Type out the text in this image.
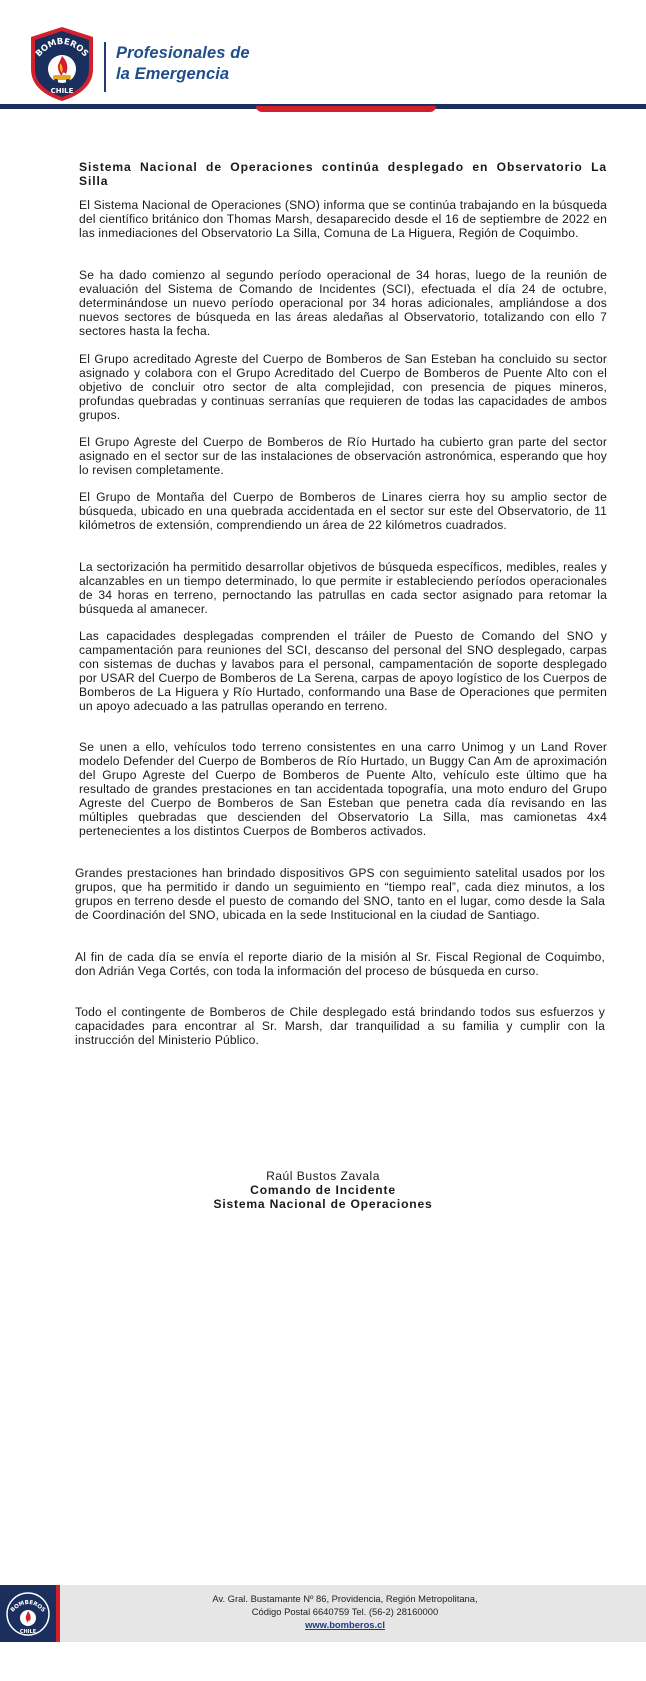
BOMBEROS
CHILE
Profesionales de
la Emergencia
Sistema Nacional de Operaciones continúa desplegado en Observatorio La Silla
El Sistema Nacional de Operaciones (SNO) informa que se continúa trabajando en la búsqueda del científico británico don Thomas Marsh, desaparecido desde el 16 de septiembre de 2022 en las inmediaciones del Observatorio La Silla, Comuna de La Higuera, Región de Coquimbo.
Se ha dado comienzo al segundo período operacional de 34 horas, luego de la reunión de evaluación del Sistema de Comando de Incidentes (SCI), efectuada el día 24 de octubre, determinándose un nuevo período operacional por 34 horas adicionales, ampliándose a dos nuevos sectores de búsqueda en las áreas aledañas al Observatorio, totalizando con ello 7 sectores hasta la fecha.
El Grupo acreditado Agreste del Cuerpo de Bomberos de San Esteban ha concluido su sector asignado y colabora con el Grupo Acreditado del Cuerpo de Bomberos de Puente Alto con el objetivo de concluir otro sector de alta complejidad, con presencia de piques mineros, profundas quebradas y continuas serranías que requieren de todas las capacidades de ambos grupos.
El Grupo Agreste del Cuerpo de Bomberos de Río Hurtado ha cubierto gran parte del sector asignado en el sector sur de las instalaciones de observación astronómica, esperando que hoy lo revisen completamente.
El Grupo de Montaña del Cuerpo de Bomberos de Linares cierra hoy su amplio sector de búsqueda, ubicado en una quebrada accidentada en el sector sur este del Observatorio, de 11 kilómetros de extensión, comprendiendo un área de 22 kilómetros cuadrados.
La sectorización ha permitido desarrollar objetivos de búsqueda específicos, medibles, reales y alcanzables en un tiempo determinado, lo que permite ir estableciendo períodos operacionales de 34 horas en terreno, pernoctando las patrullas en cada sector asignado para retomar la búsqueda al amanecer.
Las capacidades desplegadas comprenden el tráiler de Puesto de Comando del SNO y campamentación para reuniones del SCI, descanso del personal del SNO desplegado, carpas con sistemas de duchas y lavabos para el personal, campamentación de soporte desplegado por USAR del Cuerpo de Bomberos de La Serena, carpas de apoyo logístico de los Cuerpos de Bomberos de La Higuera y Río Hurtado, conformando una Base de Operaciones que permiten un apoyo adecuado a las patrullas operando en terreno.
Se unen a ello, vehículos todo terreno consistentes en una carro Unimog y un Land Rover modelo Defender del Cuerpo de Bomberos de Río Hurtado, un Buggy Can Am de aproximación del Grupo Agreste del Cuerpo de Bomberos de Puente Alto, vehículo este último que ha resultado de grandes prestaciones en tan accidentada topografía, una moto enduro del Grupo Agreste del Cuerpo de Bomberos de San Esteban que penetra cada día revisando en las múltiples quebradas que descienden del Observatorio La Silla, mas camionetas 4x4 pertenecientes a los distintos Cuerpos de Bomberos activados.
Grandes prestaciones han brindado dispositivos GPS con seguimiento satelital usados por los grupos, que ha permitido ir dando un seguimiento en “tiempo real”, cada diez minutos, a los grupos en terreno desde el puesto de comando del SNO, tanto en el lugar, como desde la Sala de Coordinación del SNO, ubicada en la sede Institucional en la ciudad de Santiago.
Al fin de cada día se envía el reporte diario de la misión al Sr. Fiscal Regional de Coquimbo, don Adrián Vega Cortés, con toda la información del proceso de búsqueda en curso.
Todo el contingente de Bomberos de Chile desplegado está brindando todos sus esfuerzos y capacidades para encontrar al Sr. Marsh, dar tranquilidad a su familia y cumplir con la instrucción del Ministerio Público.
Raúl Bustos Zavala
Comando de Incidente
Sistema Nacional de Operaciones
BOMBEROS
CHILE
Av. Gral. Bustamante Nº 86, Providencia, Región Metropolitana,
Código Postal 6640759 Tel. (56-2) 28160000
www.bomberos.cl
